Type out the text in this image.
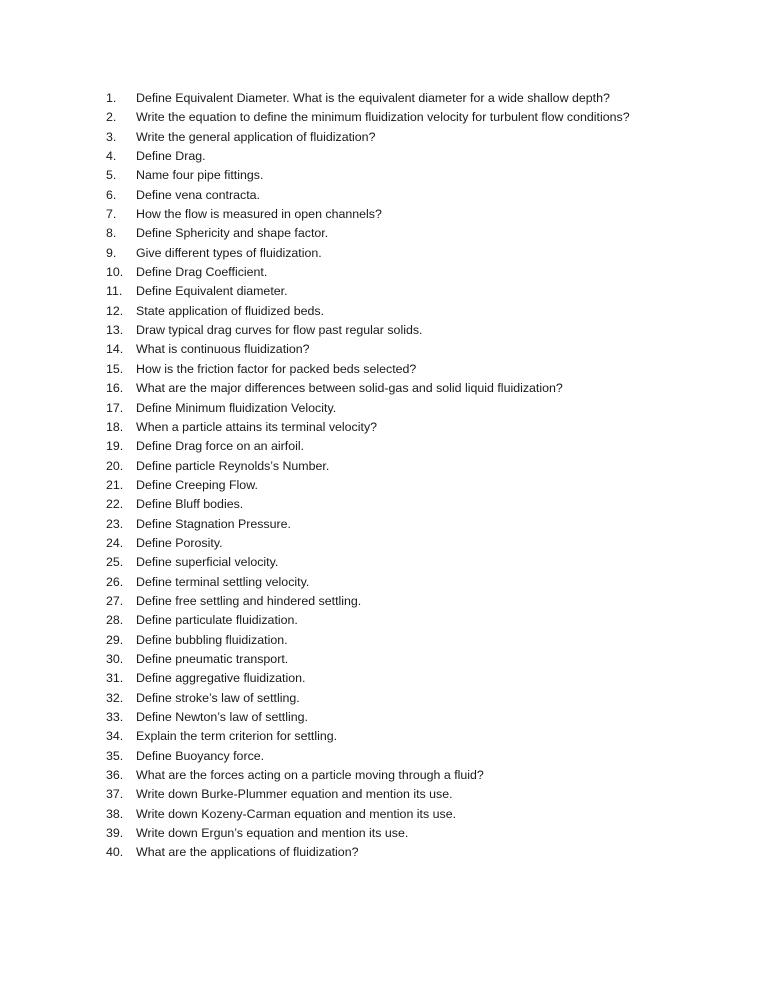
1.	Define Equivalent Diameter. What is the equivalent diameter for a wide shallow depth?
2.	Write the equation to define the minimum fluidization velocity for turbulent flow conditions?
3.	Write the general application of fluidization?
4.	Define Drag.
5.	Name four pipe fittings.
6.	Define vena contracta.
7.	How the flow is measured in open channels?
8.	Define Sphericity and shape factor.
9.	Give different types of fluidization.
10.	Define Drag Coefficient.
11.	Define Equivalent diameter.
12.	State application of fluidized beds.
13.	Draw typical drag curves for flow past regular solids.
14.	What is continuous fluidization?
15.	How is the friction factor for packed beds selected?
16.	What are the major differences between solid-gas and solid liquid fluidization?
17.	Define Minimum fluidization Velocity.
18.	When a particle attains its terminal velocity?
19.	Define Drag force on an airfoil.
20.	Define particle Reynolds’s Number.
21.	Define Creeping Flow.
22.	Define Bluff bodies.
23.	Define Stagnation Pressure.
24.	Define Porosity.
25.	Define superficial velocity.
26.	Define terminal settling velocity.
27.	Define free settling and hindered settling.
28.	Define particulate fluidization.
29.	Define bubbling fluidization.
30.	Define pneumatic transport.
31.	Define aggregative fluidization.
32.	Define stroke’s law of settling.
33.	Define Newton’s law of settling.
34.	Explain the term criterion for settling.
35.	Define Buoyancy force.
36.	What are the forces acting on a particle moving through a fluid?
37.	Write down Burke-Plummer equation and mention its use.
38.	Write down Kozeny-Carman equation and mention its use.
39.	Write down Ergun’s equation and mention its use.
40.	What are the applications of fluidization?
